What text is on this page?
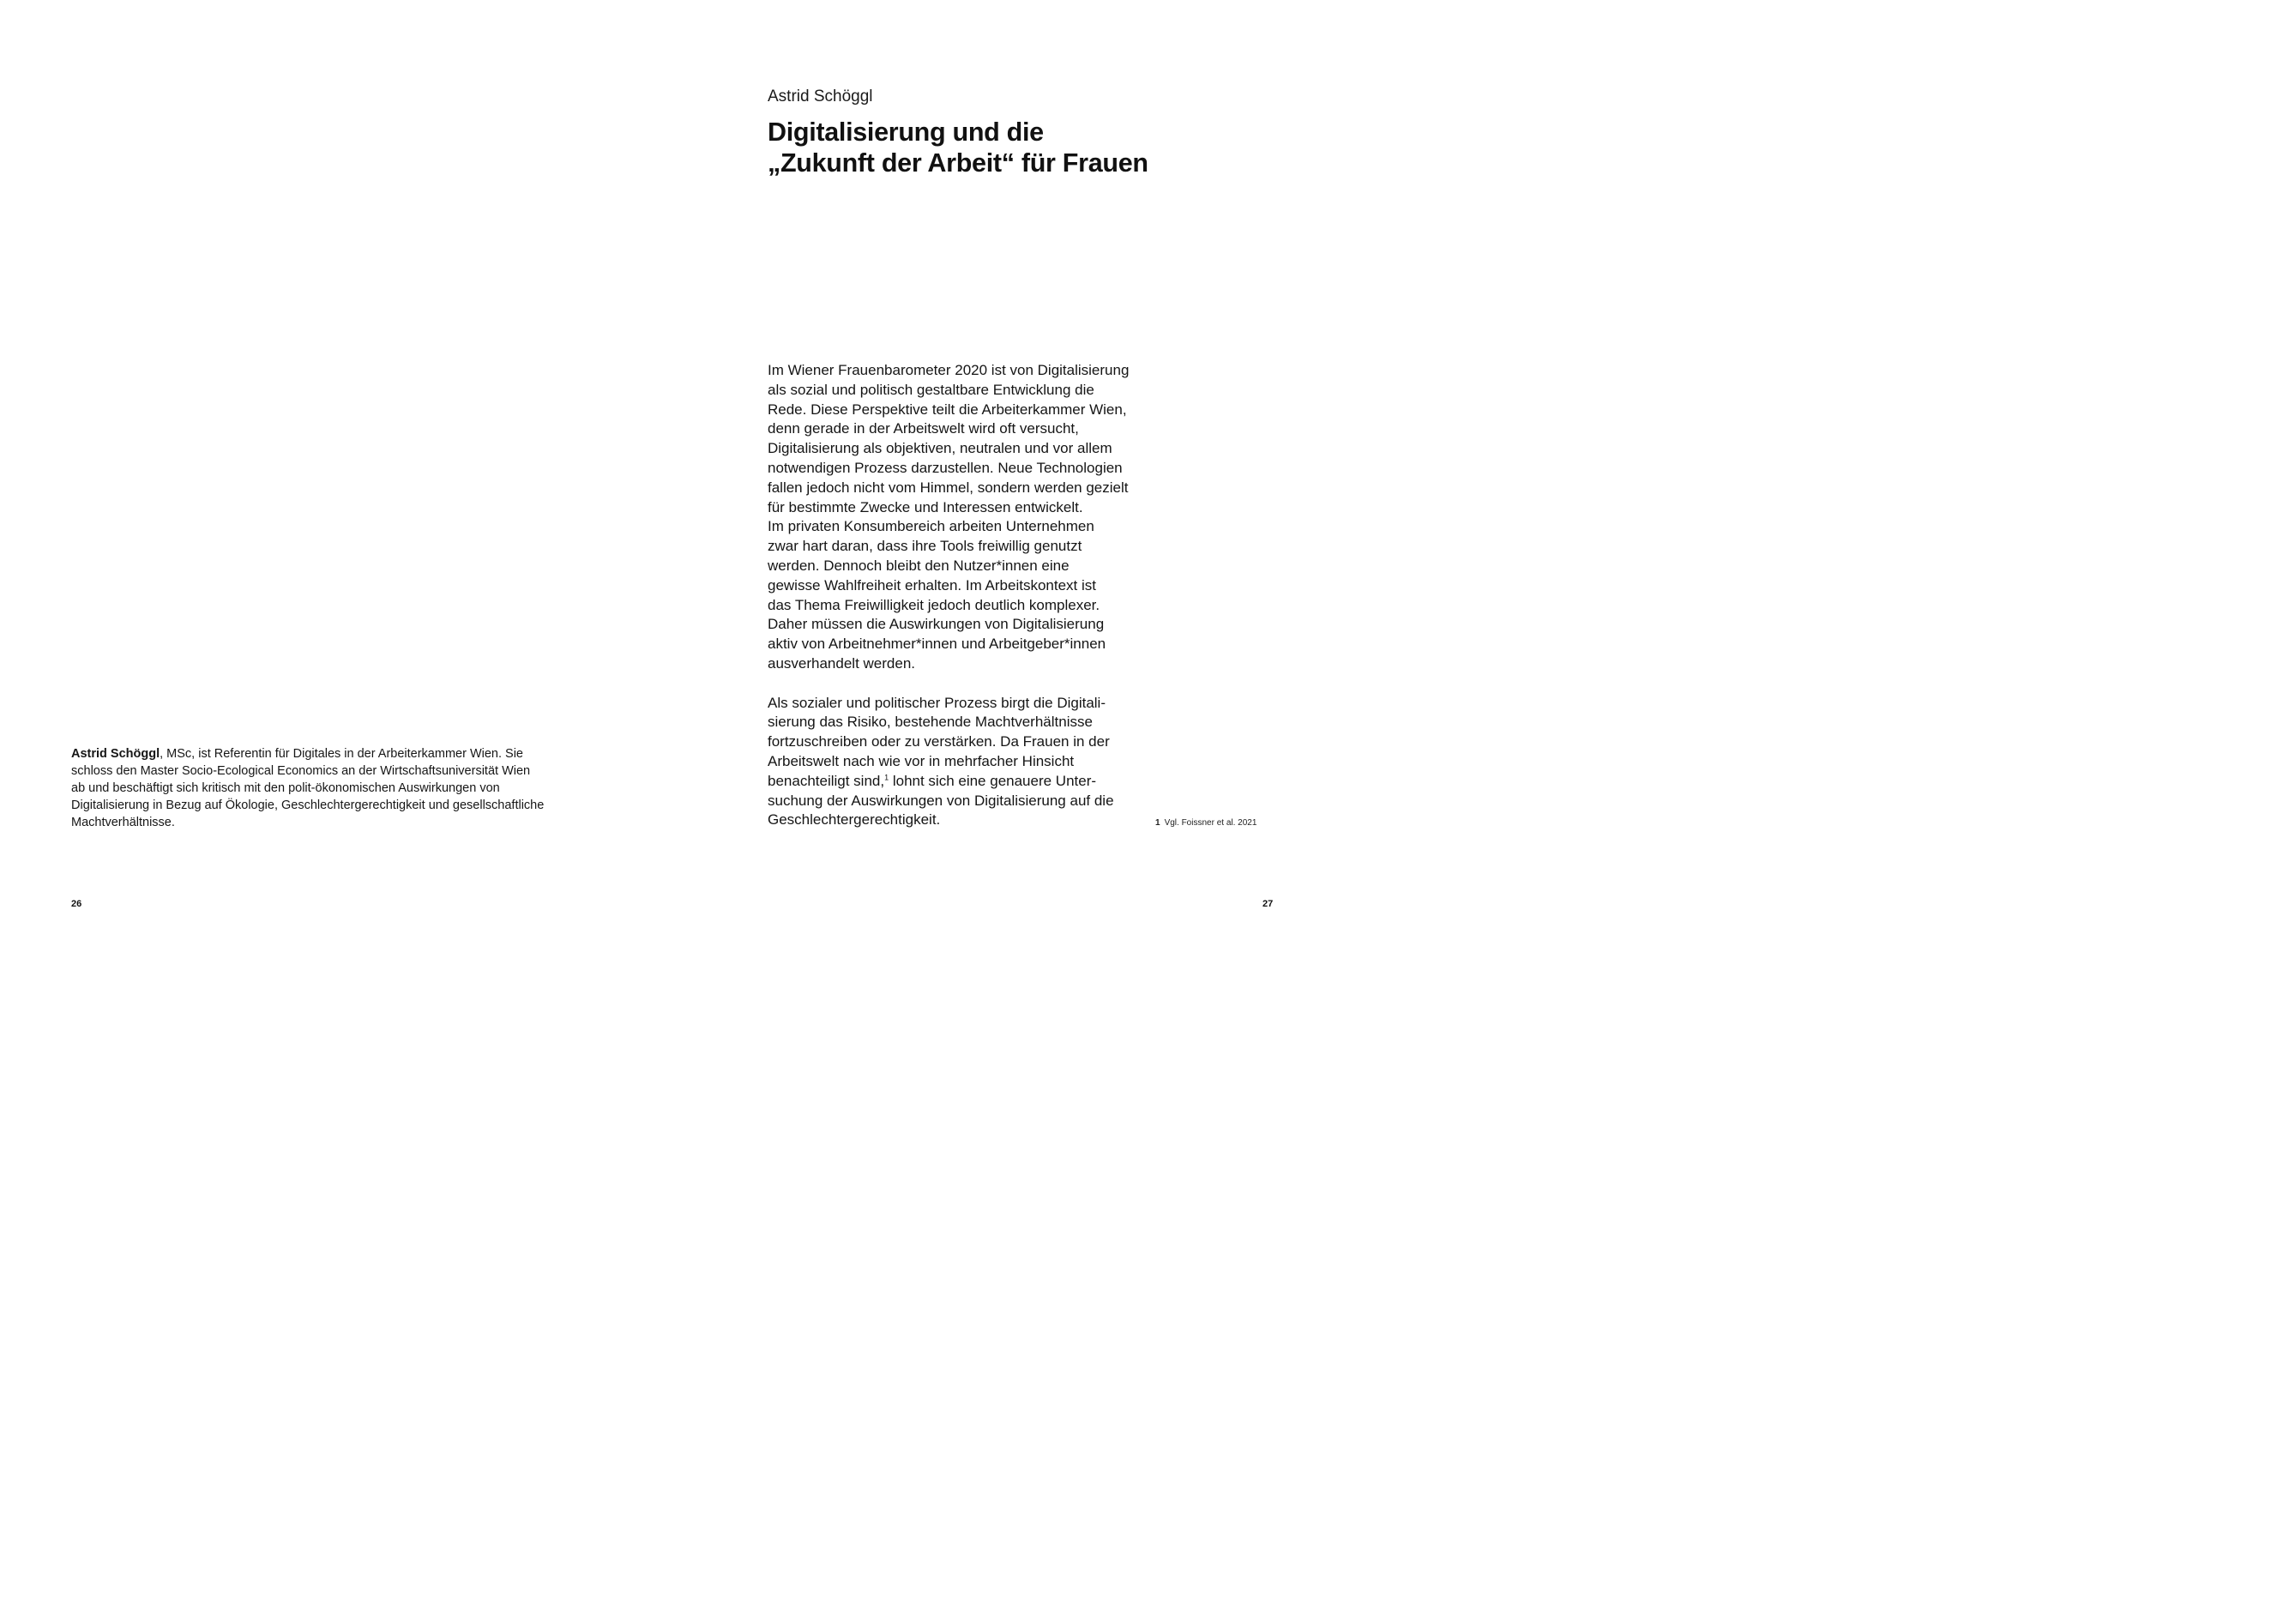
Astrid Schöggl, MSc, ist Referentin für Digitales in der Arbeiterkammer Wien. Sie
schloss den Master Socio-Ecological Economics an der Wirtschaftsuniversität Wien
ab und beschäftigt sich kritisch mit den polit-ökonomischen Auswirkungen von
Digitalisierung in Bezug auf Ökologie, Geschlechtergerechtigkeit und gesellschaftliche
Machtverhältnisse.
26
Astrid Schöggl
Digitalisierung und die
„Zukunft der Arbeit“ für Frauen

Im Wiener Frauenbarometer 2020 ist von Digitalisierung
als sozial und politisch gestaltbare Entwicklung die
Rede. Diese Perspektive teilt die Arbeiterkammer Wien,
denn gerade in der Arbeitswelt wird oft versucht,
Digitalisierung als objektiven, neutralen und vor allem
notwendigen Prozess darzustellen. Neue Technologien
fallen jedoch nicht vom Himmel, sondern werden gezielt
für bestimmte Zwecke und Interessen entwickelt.
Im privaten Konsumbereich arbeiten Unternehmen
zwar hart daran, dass ihre Tools freiwillig genutzt
werden. Dennoch bleibt den Nutzer*innen eine
gewisse Wahlfreiheit erhalten. Im Arbeitskontext ist
das Thema Freiwilligkeit jedoch deutlich komplexer.
Daher müssen die Auswirkungen von Digitalisierung
aktiv von Arbeitnehmer*innen und Arbeitgeber*innen
ausverhandelt werden.

Als sozialer und politischer Prozess birgt die Digitali-
sierung das Risiko, bestehende Machtverhältnisse
fortzuschreiben oder zu verstärken. Da Frauen in der
Arbeitswelt nach wie vor in mehrfacher Hinsicht
benachteiligt sind,$^1$ lohnt sich eine genauere Unter-
suchung der Auswirkungen von Digitalisierung auf die
Geschlechtergerechtigkeit.	1 Vgl. Foissner et al. 2021
27
